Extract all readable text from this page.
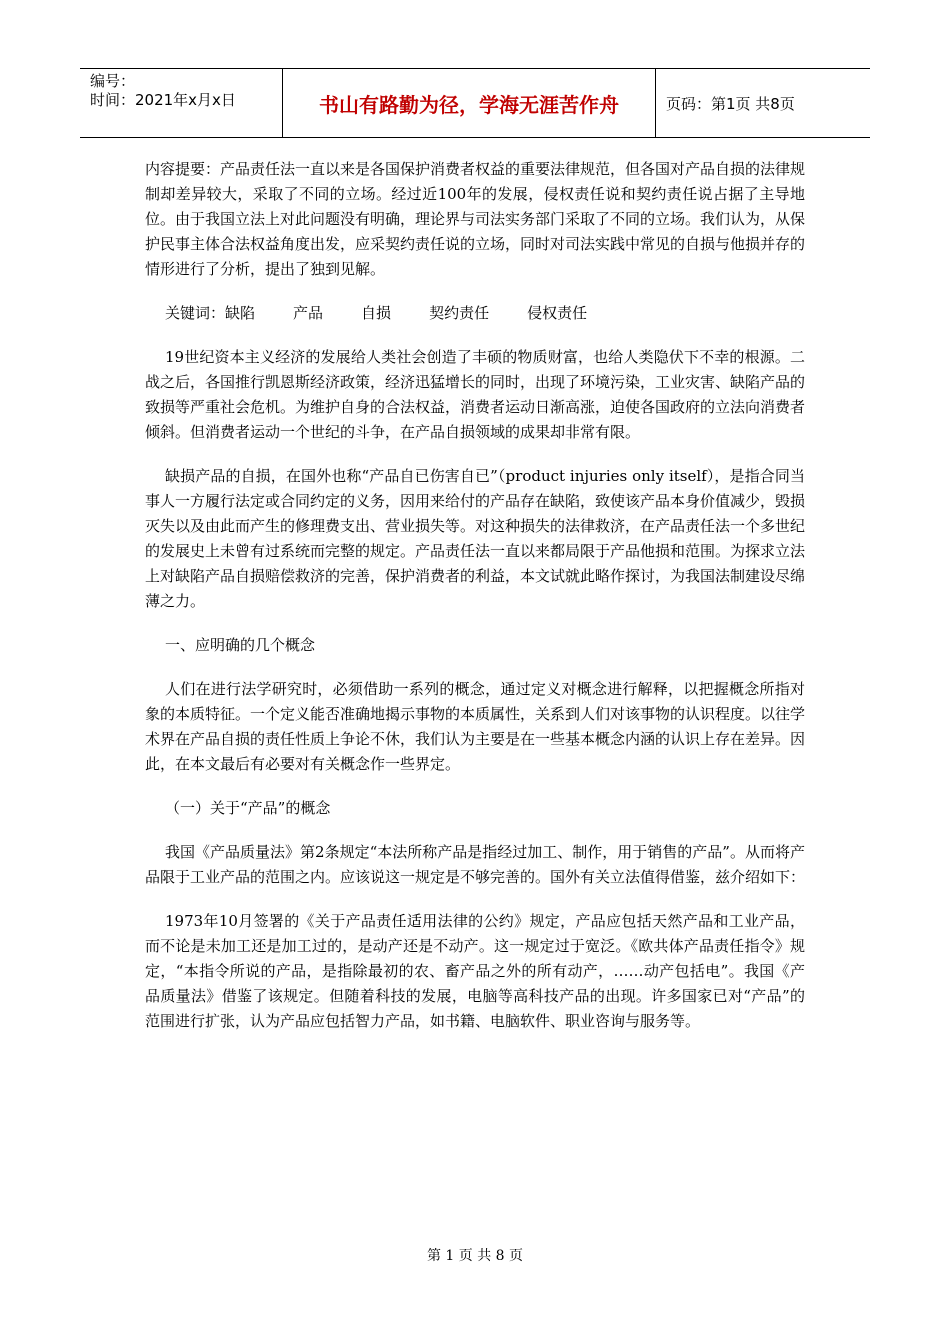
编号：
时间：2021年x月x日	书山有路勤为径，学海无涯苦作舟	页码：第1页 共8页

内容提要：产品责任法一直以来是各国保护消费者权益的重要法律规范，但各国对产品自损的法律规制却差异较大，采取了不同的立场。经过近100年的发展，侵权责任说和契约责任说占据了主导地位。由于我国立法上对此问题没有明确，理论界与司法实务部门采取了不同的立场。我们认为，从保护民事主体合法权益角度出发，应采契约责任说的立场，同时对司法实践中常见的自损与他损并存的情形进行了分析，提出了独到见解。

关键词：缺陷	产品	自损	契约责任	侵权责任

19世纪资本主义经济的发展给人类社会创造了丰硕的物质财富，也给人类隐伏下不幸的根源。二战之后，各国推行凯恩斯经济政策，经济迅猛增长的同时，出现了环境污染，工业灾害、缺陷产品的致损等严重社会危机。为维护自身的合法权益，消费者运动日渐高涨，迫使各国政府的立法向消费者倾斜。但消费者运动一个世纪的斗争，在产品自损领域的成果却非常有限。

缺损产品的自损，在国外也称“产品自已伤害自已”（product injuries only itself），是指合同当事人一方履行法定或合同约定的义务，因用来给付的产品存在缺陷，致使该产品本身价值减少，毁损灭失以及由此而产生的修理费支出、营业损失等。对这种损失的法律救济，在产品责任法一个多世纪的发展史上未曾有过系统而完整的规定。产品责任法一直以来都局限于产品他损和范围。为探求立法上对缺陷产品自损赔偿救济的完善，保护消费者的利益，本文试就此略作探讨，为我国法制建设尽绵薄之力。

一、应明确的几个概念

人们在进行法学研究时，必须借助一系列的概念，通过定义对概念进行解释，以把握概念所指对象的本质特征。一个定义能否准确地揭示事物的本质属性，关系到人们对该事物的认识程度。以往学术界在产品自损的责任性质上争论不休，我们认为主要是在一些基本概念内涵的认识上存在差异。因此，在本文最后有必要对有关概念作一些界定。

（一）关于“产品”的概念

我国《产品质量法》第2条规定“本法所称产品是指经过加工、制作，用于销售的产品”。从而将产品限于工业产品的范围之内。应该说这一规定是不够完善的。国外有关立法值得借鉴，兹介绍如下：

1973年10月签署的《关于产品责任适用法律的公约》规定，产品应包括天然产品和工业产品，而不论是未加工还是加工过的，是动产还是不动产。这一规定过于宽泛。《欧共体产品责任指令》规定，“本指令所说的产品，是指除最初的农、畜产品之外的所有动产，……动产包括电”。我国《产品质量法》借鉴了该规定。但随着科技的发展，电脑等高科技产品的出现。许多国家已对“产品”的范围进行扩张，认为产品应包括智力产品，如书籍、电脑软件、职业咨询与服务等。

第 1 页 共 8 页
